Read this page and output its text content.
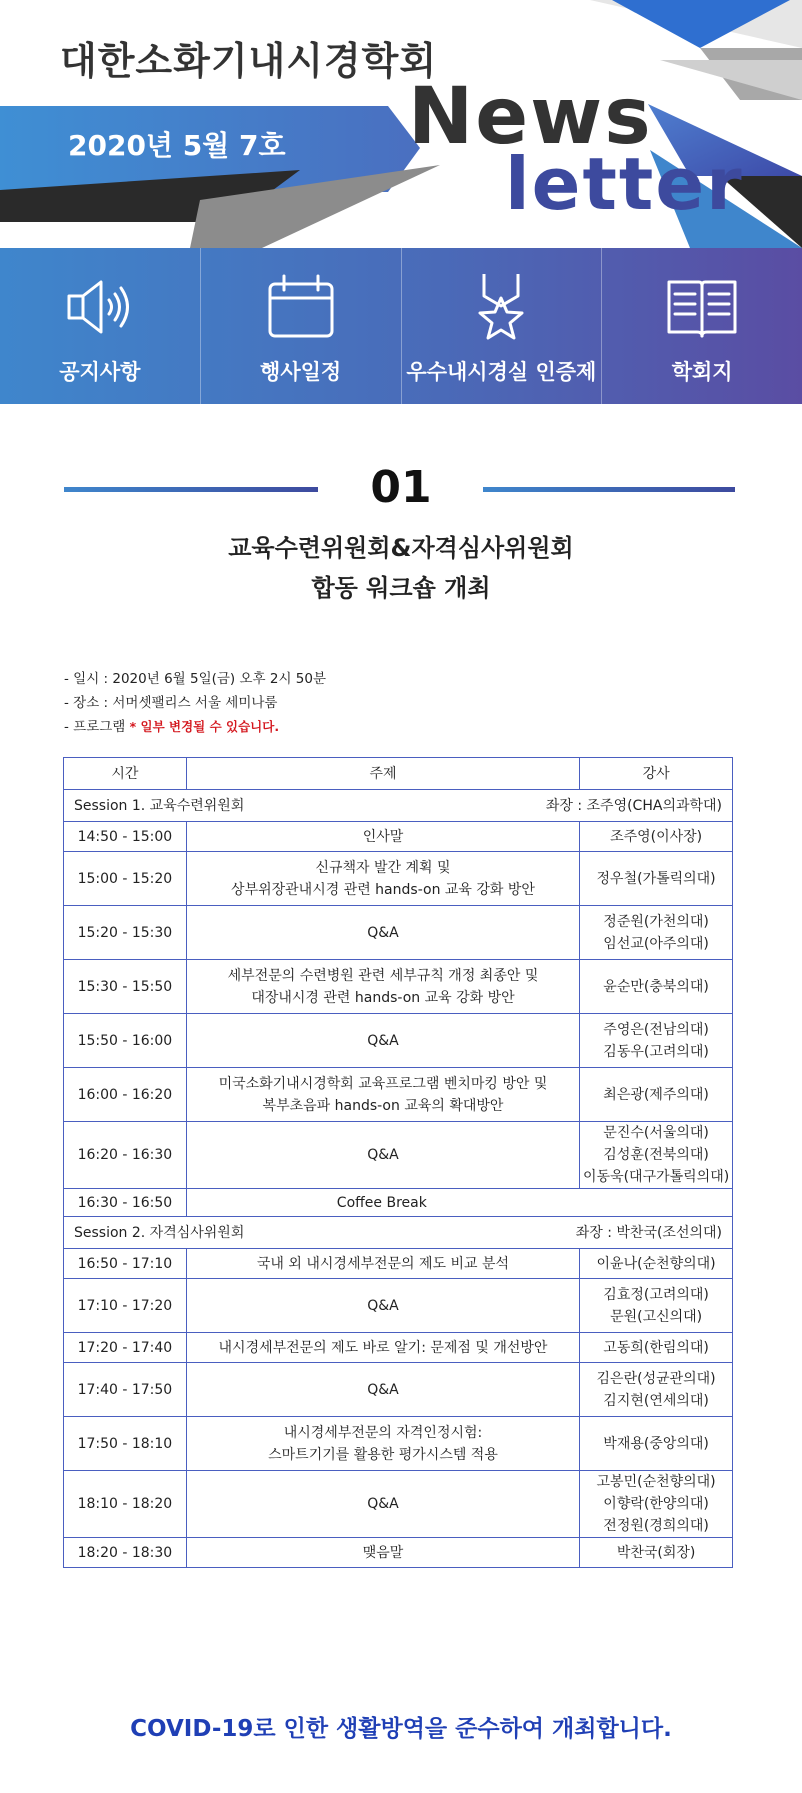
대한소화기내시경학회
2020년 5월 7호 News
letter
공지사항	행사일정	우수내시경실 인증제	학회지
01
교육수련위원회&자격심사위원회
합동 워크숍 개최
- 일시 : 2020년 6월 5일(금) 오후 2시 50분
- 장소 : 서머셋팰리스 서울 세미나룸
- 프로그램 * 일부 변경될 수 있습니다.
시간	주제	강사
Session 1. 교육수련위원회 좌장 : 조주영(CHA의과학대)		

14:50 - 15:00	인사말	조주영(이사장)

15:00 - 15:20	신규책자 발간 계획 및
상부위장관내시경 관련 hands-on 교육 강화 방안	정우철(가톨릭의대)

15:20 - 15:30	Q&A	정준원(가천의대)
임선교(아주의대)

15:30 - 15:50	세부전문의 수련병원 관련 세부규칙 개정 최종안 및
대장내시경 관련 hands-on 교육 강화 방안	윤순만(충북의대)

15:50 - 16:00	Q&A	주영은(전남의대)
김동우(고려의대)

16:00 - 16:20	미국소화기내시경학회 교육프로그램 벤치마킹 방안 및
복부초음파 hands-on 교육의 확대방안	최은광(제주의대)

16:20 - 16:30	Q&A	문진수(서울의대)
김성훈(전북의대)
이동욱(대구가톨릭의대)

16:30 - 16:50	Coffee Break	
Session 2. 자격심사위원회 좌장 : 박찬국(조선의대)		

16:50 - 17:10	국내 외 내시경세부전문의 제도 비교 분석	이윤나(순천향의대)

17:10 - 17:20	Q&A	김효정(고려의대)
문원(고신의대)

17:20 - 17:40	내시경세부전문의 제도 바로 알기: 문제점 및 개선방안	고동희(한림의대)

17:40 - 17:50	Q&A	김은란(성균관의대)
김지현(연세의대)

17:50 - 18:10	내시경세부전문의 자격인정시험:
스마트기기를 활용한 평가시스템 적용	박재용(중앙의대)

18:10 - 18:20	Q&A	고봉민(순천향의대)
이향락(한양의대)
전정원(경희의대)

18:20 - 18:30	맺음말	박찬국(회장)
COVID-19로 인한 생활방역을 준수하여 개최합니다.
